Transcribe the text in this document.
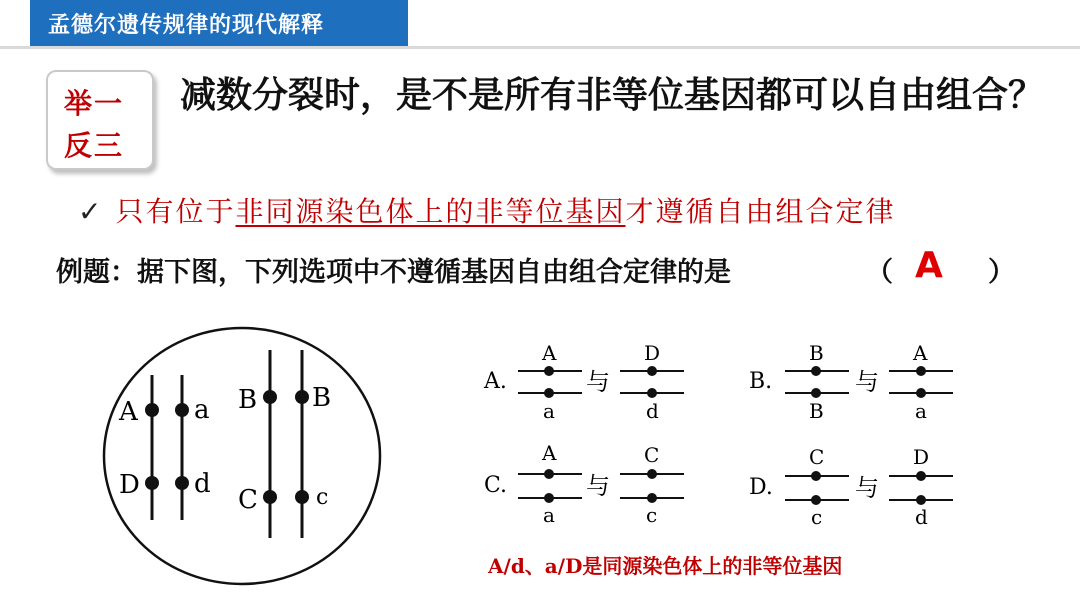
孟德尔遗传规律的现代解释
举一
反三
减数分裂时，是不是所有非等位基因都可以自由组合？
✓ 只有位于非同源染色体上的非等位基因才遵循自由组合定律
例题：据下图，下列选项中不遵循基因自由组合定律的是	（ A ）
A a
D d
B B
C	c
A.
A
a
与
D
d
B.
B
B
与
A
a
C.
A
a
与
C
c
D.
C
c
与
D
d
A/d、a/D是同源染色体上的非等位基因
